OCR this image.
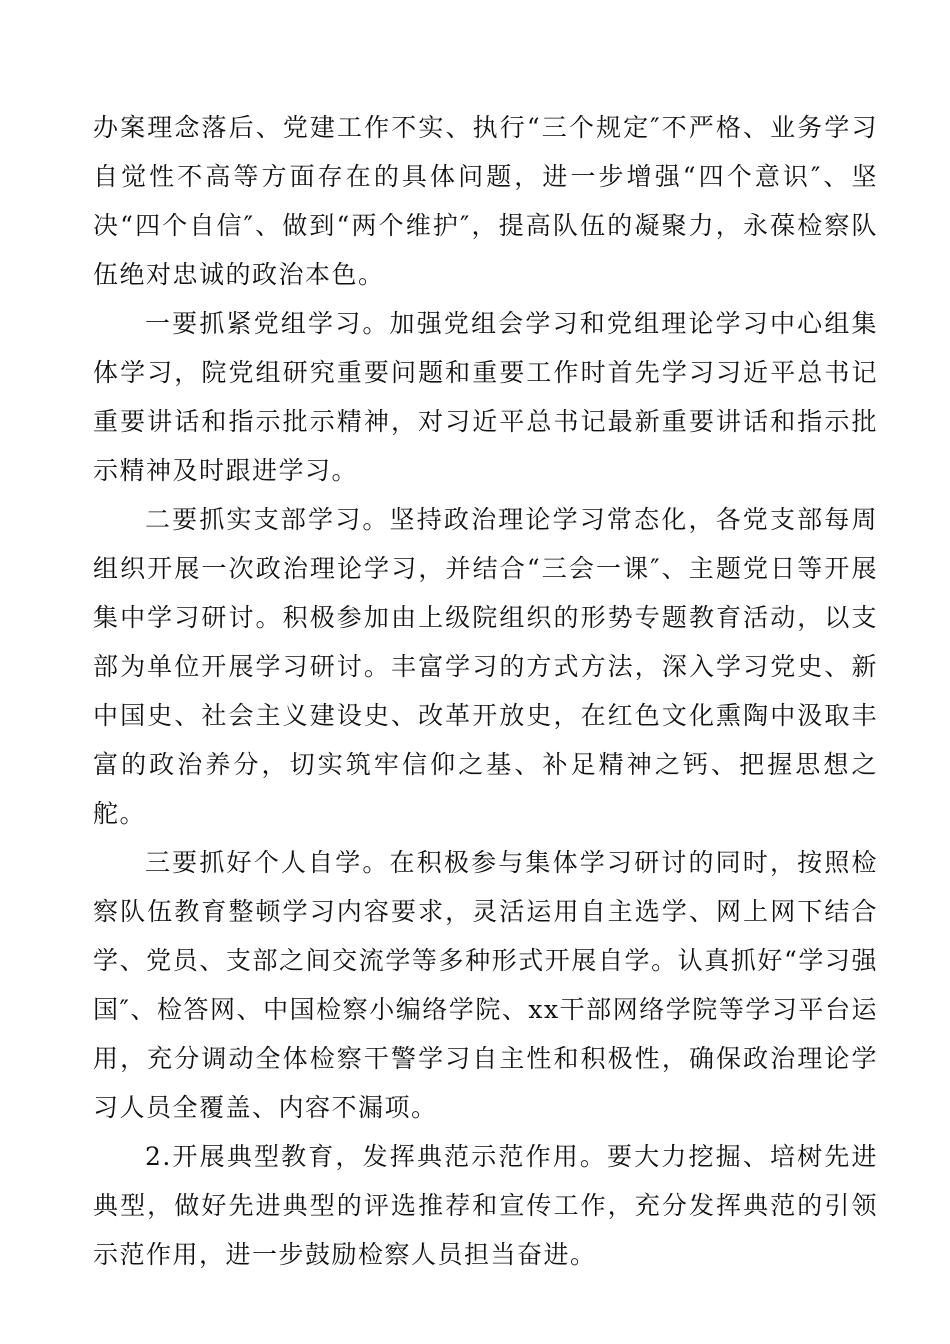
办案理念落后、党建工作不实、执行“三个规定″不严格、业务学习自觉性不高等方面存在的具体问题，进一步增强“四个意识″、坚决“四个自信″、做到“两个维护″，提高队伍的凝聚力，永葆检察队伍绝对忠诚的政治本色。

一要抓紧党组学习。加强党组会学习和党组理论学习中心组集体学习，院党组研究重要问题和重要工作时首先学习习近平总书记重要讲话和指示批示精神，对习近平总书记最新重要讲话和指示批示精神及时跟进学习。

二要抓实支部学习。坚持政治理论学习常态化，各党支部每周组织开展一次政治理论学习，并结合“三会一课″、主题党日等开展集中学习研讨。积极参加由上级院组织的形势专题教育活动，以支部为单位开展学习研讨。丰富学习的方式方法，深入学习党史、新中国史、社会主义建设史、改革开放史，在红色文化熏陶中汲取丰富的政治养分，切实筑牢信仰之基、补足精神之钙、把握思想之舵。

三要抓好个人自学。在积极参与集体学习研讨的同时，按照检察队伍教育整顿学习内容要求，灵活运用自主选学、网上网下结合学、党员、支部之间交流学等多种形式开展自学。认真抓好“学习强国″、检答网、中国检察小编络学院、xx干部网络学院等学习平台运用，充分调动全体检察干警学习自主性和积极性，确保政治理论学习人员全覆盖、内容不漏项。

2.开展典型教育，发挥典范示范作用。要大力挖掘、培树先进典型，做好先进典型的评选推荐和宣传工作，充分发挥典范的引领示范作用，进一步鼓励检察人员担当奋进。
